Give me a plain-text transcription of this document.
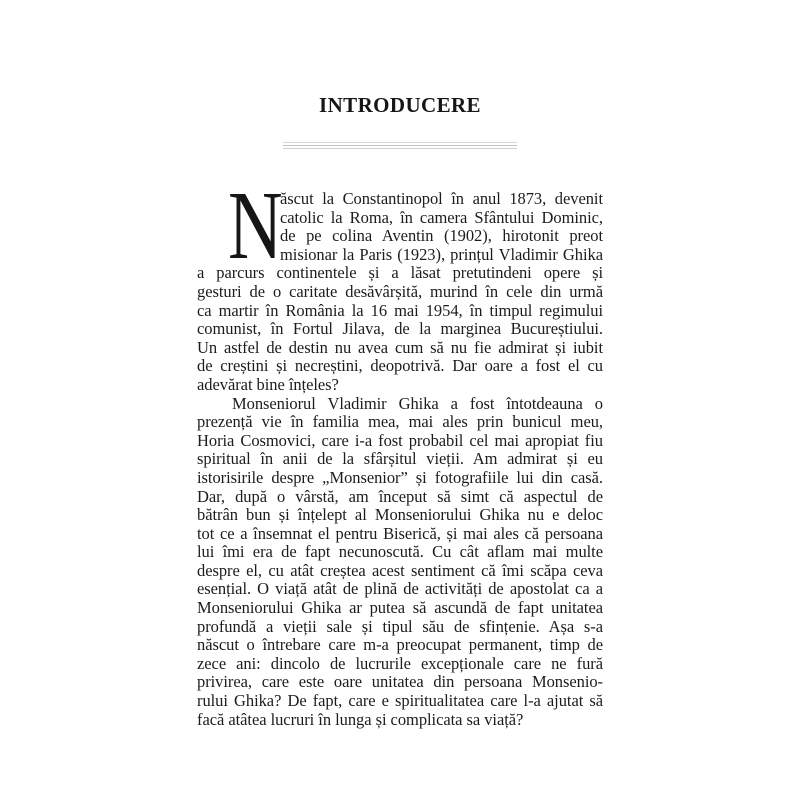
INTRODUCERE
N
ăscut la Constantinopol în anul 1873, devenit
catolic la Roma, în camera Sfântului Dominic,
de pe colina Aventin (1902), hirotonit preot
misionar la Paris (1923), prințul Vladimir Ghika
a parcurs continentele și a lăsat pretutindeni opere și
gesturi de o caritate desăvârșită, murind în cele din urmă
ca martir în România la 16 mai 1954, în timpul regimului
comunist, în Fortul Jilava, de la marginea Bucureștiului.
Un astfel de destin nu avea cum să nu fie admirat și iubit
de creștini și necreștini, deopotrivă. Dar oare a fost el cu
adevărat bine înțeles?
Monseniorul Vladimir Ghika a fost întotdeauna o
prezență vie în familia mea, mai ales prin bunicul meu,
Horia Cosmovici, care i-a fost probabil cel mai apropiat fiu
spiritual în anii de la sfârșitul vieții. Am admirat și eu
istorisirile despre „Monsenior” și fotografiile lui din casă.
Dar, după o vârstă, am început să simt că aspectul de
bătrân bun și înțelept al Monseniorului Ghika nu e deloc
tot ce a însemnat el pentru Biserică, și mai ales că persoana
lui îmi era de fapt necunoscută. Cu cât aflam mai multe
despre el, cu atât creștea acest sentiment că îmi scăpa ceva
esențial. O viață atât de plină de activități de apostolat ca a
Monseniorului Ghika ar putea să ascundă de fapt unitatea
profundă a vieții sale și tipul său de sfințenie. Așa s-a
născut o întrebare care m-a preocupat permanent, timp de
zece ani: dincolo de lucrurile excepționale care ne fură
privirea, care este oare unitatea din persoana Monsenio-
rului Ghika? De fapt, care e spiritualitatea care l-a ajutat să
facă atâtea lucruri în lunga și complicata sa viață?
